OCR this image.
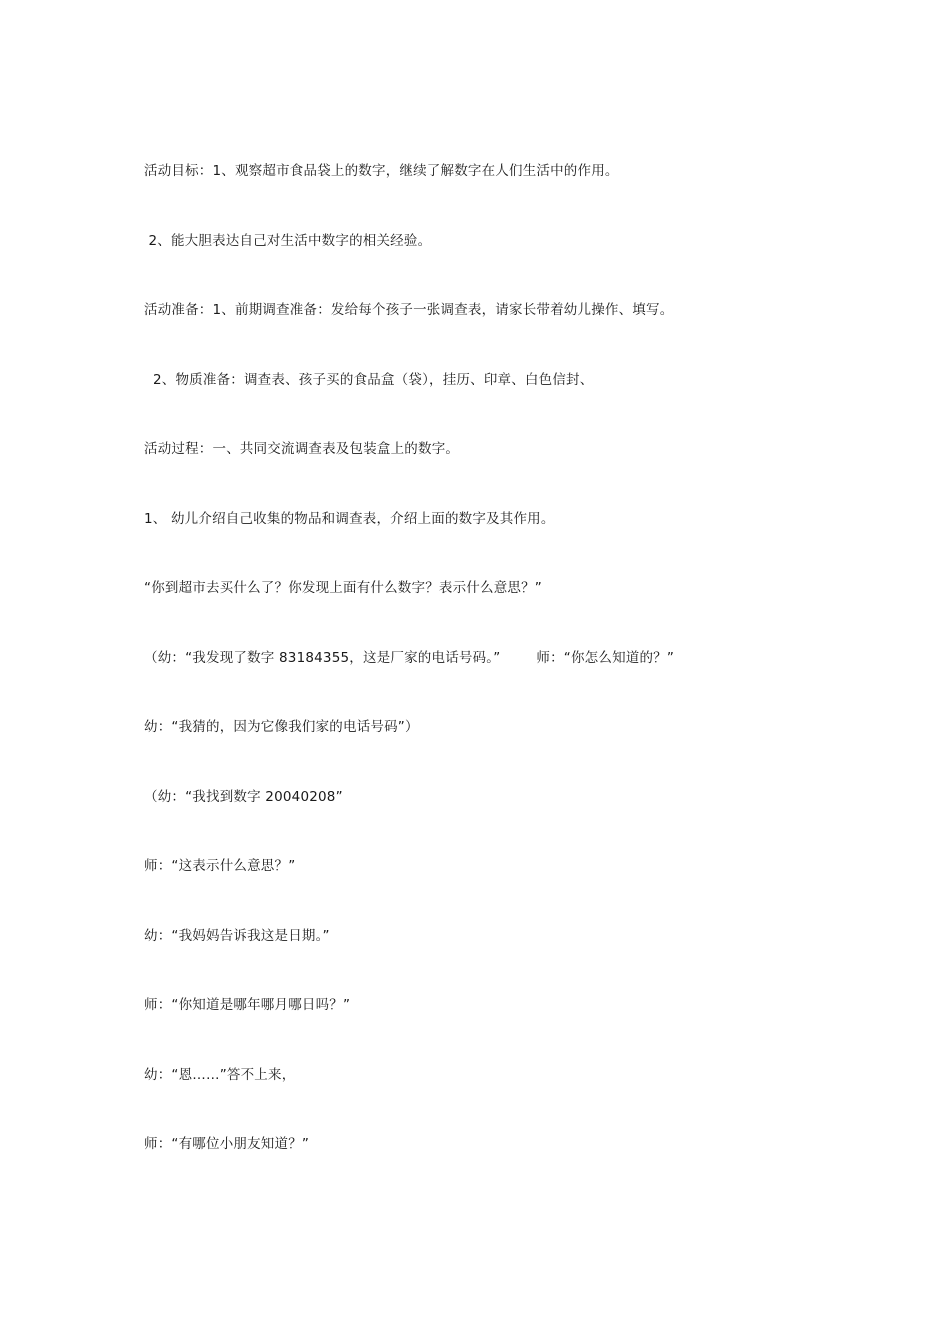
活动目标：1、观察超市食品袋上的数字，继续了解数字在人们生活中的作用。
2、能大胆表达自己对生活中数字的相关经验。
活动准备：1、前期调查准备：发给每个孩子一张调查表，请家长带着幼儿操作、填写。
2、物质准备：调查表、孩子买的食品盒（袋），挂历、印章、白色信封、
活动过程：一、共同交流调查表及包装盒上的数字。
1、 幼儿介绍自己收集的物品和调查表，介绍上面的数字及其作用。
“你到超市去买什么了？你发现上面有什么数字？表示什么意思？”
（幼：“我发现了数字 83184355，这是厂家的电话号码。”        师：“你怎么知道的？”
幼：“我猜的，因为它像我们家的电话号码”）
（幼：“我找到数字 20040208”
师：“这表示什么意思？”
幼：“我妈妈告诉我这是日期。”
师：“你知道是哪年哪月哪日吗？”
幼：“恩……”答不上来，
师：“有哪位小朋友知道？”
